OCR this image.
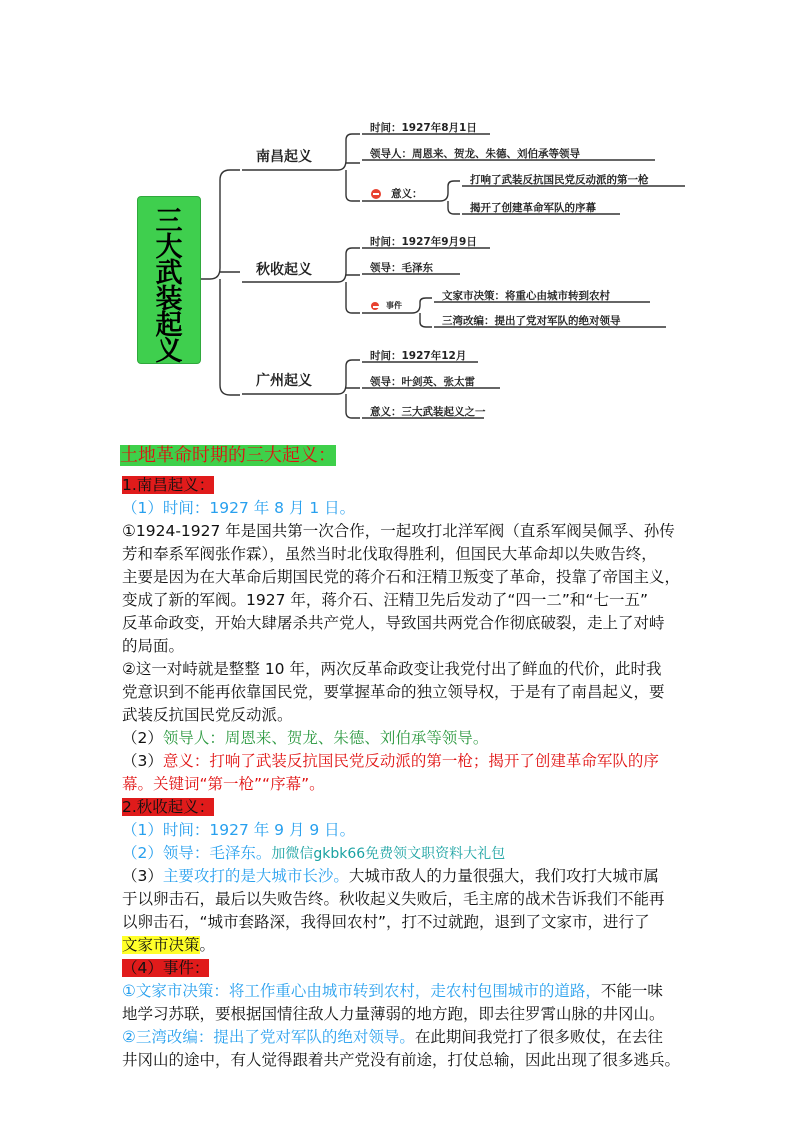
三
大
武
装
起
义
南昌起义
时间：1927年8月1日
领导人：周恩来、贺龙、朱德、刘伯承等领导
意义：
打响了武装反抗国民党反动派的第一枪
揭开了创建革命军队的序幕
秋收起义
时间：1927年9月9日
领导：毛泽东
事件
文家市决策：将重心由城市转到农村
三湾改编：提出了党对军队的绝对领导
广州起义
时间：1927年12月
领导：叶剑英、张太雷
意义：三大武装起义之一
土地革命时期的三大起义：
1.南昌起义：
（1）时间：1927 年 8 月 1 日。
①1924-1927 年是国共第一次合作，一起攻打北洋军阀（直系军阀吴佩孚、孙传
芳和奉系军阀张作霖），虽然当时北伐取得胜利，但国民大革命却以失败告终，
主要是因为在大革命后期国民党的蒋介石和汪精卫叛变了革命，投靠了帝国主义，
变成了新的军阀。1927 年，蒋介石、汪精卫先后发动了“四一二”和“七一五”
反革命政变，开始大肆屠杀共产党人，导致国共两党合作彻底破裂，走上了对峙
的局面。
②这一对峙就是整整 10 年，两次反革命政变让我党付出了鲜血的代价，此时我
党意识到不能再依靠国民党，要掌握革命的独立领导权，于是有了南昌起义，要
武装反抗国民党反动派。
（2）领导人：周恩来、贺龙、朱德、刘伯承等领导。
（3）意义：打响了武装反抗国民党反动派的第一枪；揭开了创建革命军队的序
幕。关键词“第一枪”“序幕”。
2.秋收起义：
（1）时间：1927 年 9 月 9 日。
（2）领导：毛泽东。加微信gkbk66免费领文职资料大礼包
（3）主要攻打的是大城市长沙。大城市敌人的力量很强大，我们攻打大城市属
于以卵击石，最后以失败告终。秋收起义失败后，毛主席的战术告诉我们不能再
以卵击石，“城市套路深，我得回农村”，打不过就跑，退到了文家市，进行了
文家市决策。
（4）事件：
①文家市决策：将工作重心由城市转到农村，走农村包围城市的道路，不能一味
地学习苏联，要根据国情往敌人力量薄弱的地方跑，即去往罗霄山脉的井冈山。
②三湾改编：提出了党对军队的绝对领导。在此期间我党打了很多败仗，在去往
井冈山的途中，有人觉得跟着共产党没有前途，打仗总输，因此出现了很多逃兵。
